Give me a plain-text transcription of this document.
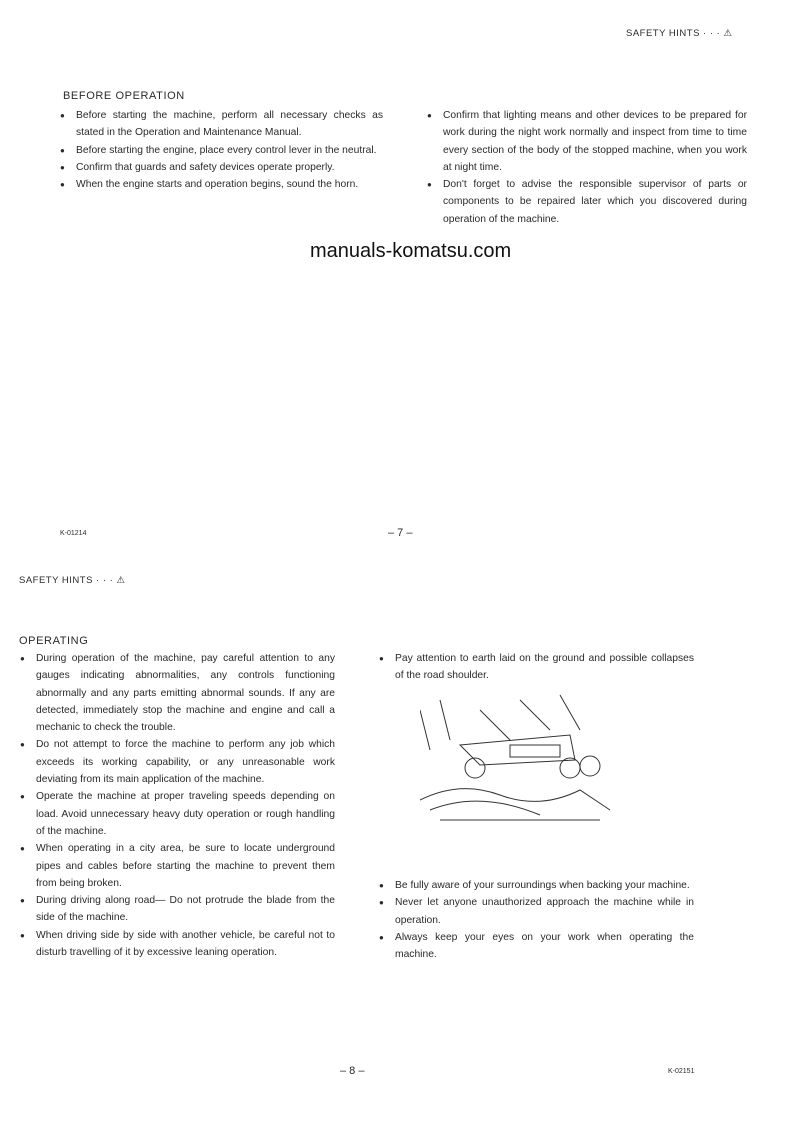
SAFETY HINTS · · · ⚠
BEFORE OPERATION
● Before starting the machine, perform all necessary checks as stated in the Operation and Maintenance Manual.
● Before starting the engine, place every control lever in the neutral.
● Confirm that guards and safety devices operate properly.
● When the engine starts and operation begins, sound the horn.
● Confirm that lighting means and other devices to be prepared for work during the night work normally and inspect from time to time every section of the body of the stopped machine, when you work at night time.
● Don't forget to advise the responsible supervisor of parts or components to be repaired later which you discovered during operation of the machine.
manuals-komatsu.com
K-01214	– 7 –
SAFETY HINTS · · · ⚠
OPERATING
● During operation of the machine, pay careful attention to any gauges indicating abnormalities, any controls functioning abnormally and any parts emitting abnormal sounds. If any are detected, immediately stop the machine and engine and call a mechanic to check the trouble.
● Do not attempt to force the machine to perform any job which exceeds its working capability, or any unreasonable work deviating from its main application of the machine.
● Operate the machine at proper traveling speeds depending on load. Avoid unnecessary heavy duty operation or rough handling of the machine.
● When operating in a city area, be sure to locate underground pipes and cables before starting the machine to prevent them from being broken.
● During driving along road— Do not protrude the blade from the side of the machine.
● When driving side by side with another vehicle, be careful not to disturb travelling of it by excessive leaning operation.
● Pay attention to earth laid on the ground and possible collapses of the road shoulder.
● Be fully aware of your surroundings when backing your machine.
● Never let anyone unauthorized approach the machine while in operation.
● Always keep your eyes on your work when operating the machine.
– 8 –	K-02151
